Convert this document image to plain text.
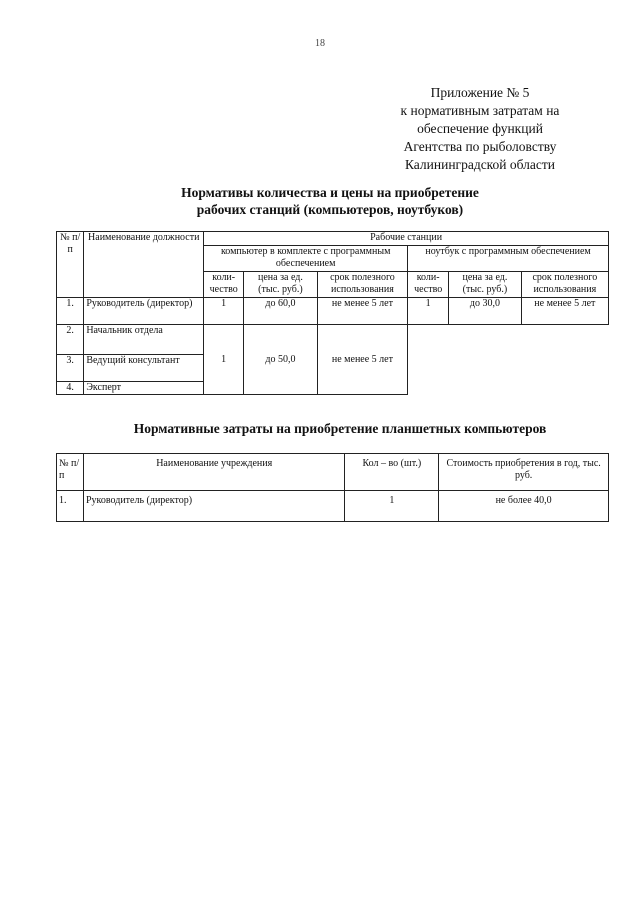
18
Приложение № 5
к нормативным затратам на
обеспечение функций
Агентства по рыболовству
Калининградской области
Нормативы количества и цены на приобретение
рабочих станций (компьютеров, ноутбуков)
№ п/п	Наименование должности	Рабочие станции					
		компьютер в комплекте с программным обеспечением			ноутбук с программным обеспечением		
		коли-чество	цена за ед. (тыс. руб.)	срок полезного использования	коли-чество	цена за ед. (тыс. руб.)	срок полезного использования
1.	Руководитель (директор)	1	до 60,0	не менее 5 лет	1	до 30,0	не менее 5 лет
2.	Начальник отдела	1	до 50,0	не менее 5 лет			
3.	Ведущий консультант						
4.	Эксперт						
Нормативные затраты на приобретение планшетных компьютеров
№ п/п	Наименование учреждения	Кол – во (шт.)	Стоимость приобретения в год, тыс. руб.
1.	Руководитель (директор)	1	не более 40,0
